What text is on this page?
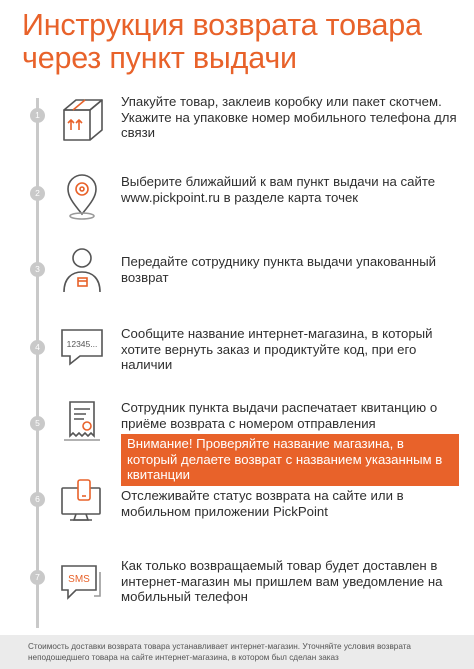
Инструкция возврата товара через пункт выдачи
1

Упакуйте товар, заклеив коробку или пакет скотчем. Укажите на упаковке номер мобильного телефона для связи

2

Выберите ближайший к вам пункт выдачи на сайте www.pickpoint.ru в разделе карта точек

3	Передайте сотруднику пункта выдачи упакованный возврат

4	12345...

Сообщите название интернет-магазина, в который хотите вернуть заказ и продиктуйте код, при его наличии

5

Сотрудник пункта выдачи распечатает квитанцию о приёме возврата с номером отправления

Внимание! Проверяйте название магазина, в который делаете возврат с названием указанным в квитанции
6	Отслеживайте статус возврата на сайте или в мобильном приложении PickPoint

7	SMS

Как только возвращаемый товар будет доставлен в интернет-магазин мы пришлем вам уведомление на мобильный телефон

Стоимость доставки возврата товара устанавливает интернет-магазин. Уточняйте условия возврата неподошедшего товара на сайте интернет-магазина, в котором был сделан заказ
